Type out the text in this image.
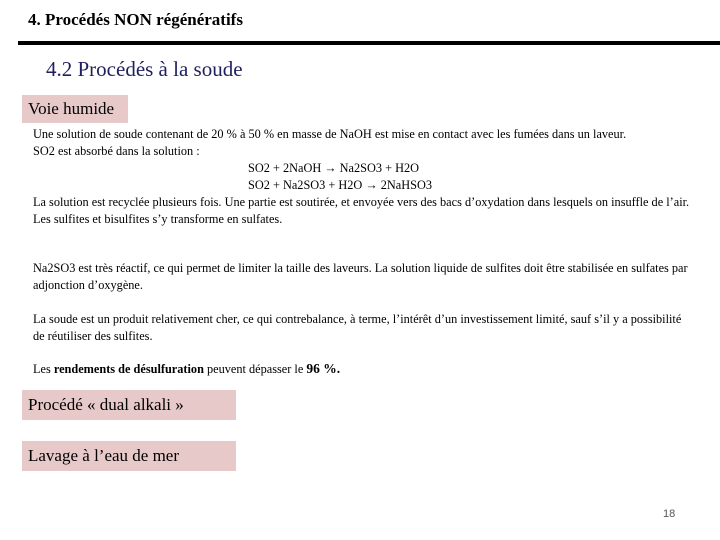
4. Procédés NON régénératifs
4.2 Procédés à la soude
Voie humide
Une solution de soude contenant de 20 % à 50 % en masse de NaOH est mise en contact avec les fumées dans un laveur.
SO2 est absorbé dans la solution :
SO2 + 2NaOH → Na2SO3 + H2O
SO2 + Na2SO3 + H2O → 2NaHSO3
La solution est recyclée plusieurs fois. Une partie est soutirée, et envoyée vers des bacs d’oxydation dans lesquels on insuffle de l’air. Les sulfites et bisulfites s’y transforme en sulfates.
Na2SO3 est très réactif, ce qui permet de limiter la taille des laveurs. La solution liquide de sulfites doit être stabilisée en sulfates par adjonction d’oxygène.
La soude est un produit relativement cher, ce qui contrebalance, à terme, l’intérêt d’un investissement limité, sauf s’il y a possibilité de réutiliser des sulfites.
Les rendements de désulfuration peuvent dépasser le 96 %.
Procédé « dual alkali »
Lavage à l’eau de mer
18
